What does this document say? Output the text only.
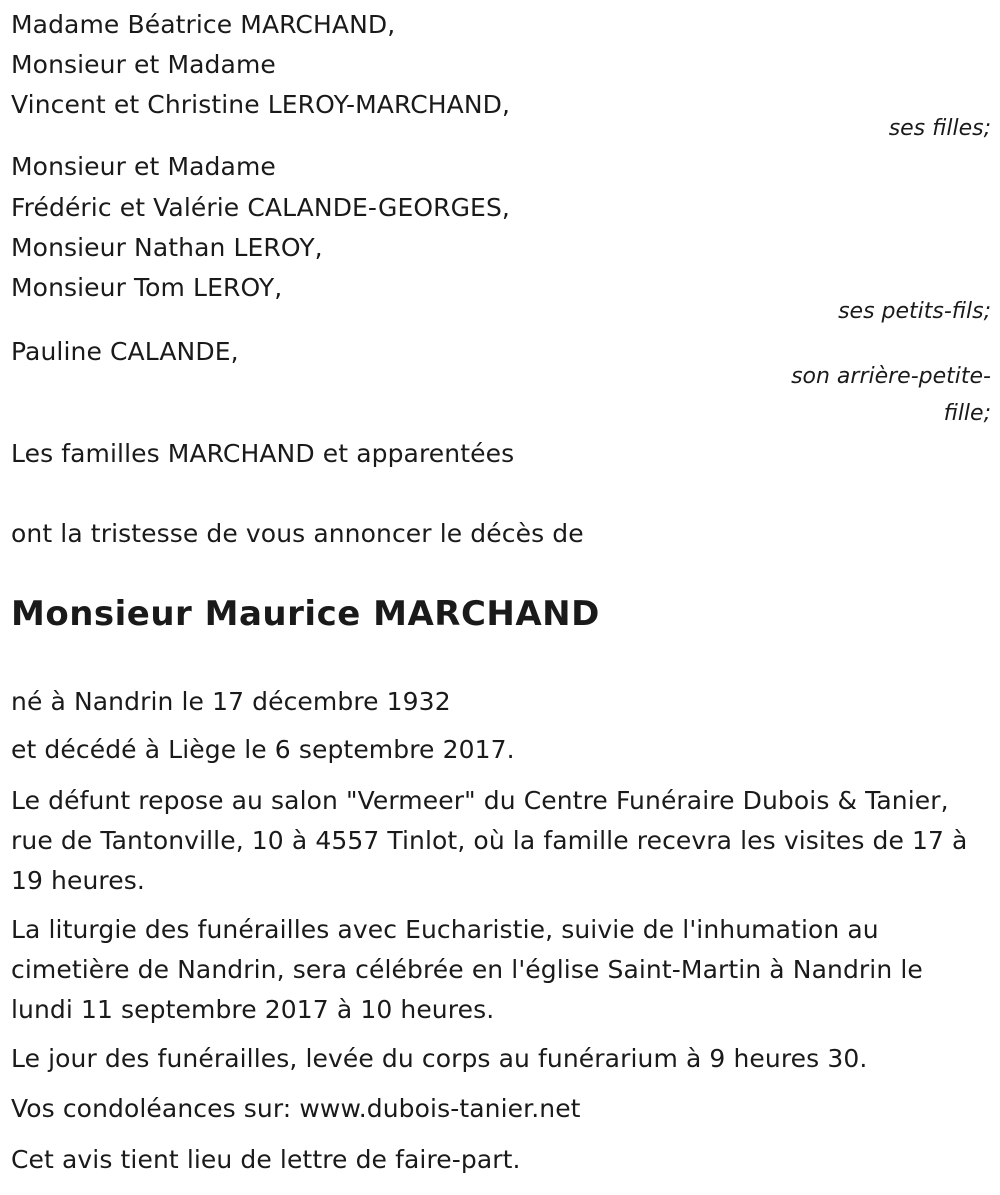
Madame Béatrice MARCHAND,
Monsieur et Madame
Vincent et Christine LEROY-MARCHAND,
ses filles;
Monsieur et Madame
Frédéric et Valérie CALANDE-GEORGES,
Monsieur Nathan LEROY,
Monsieur Tom LEROY,
ses petits-fils;
Pauline CALANDE,
son arrière-petite-
fille;
Les familles MARCHAND et apparentées
ont la tristesse de vous annoncer le décès de
Monsieur Maurice MARCHAND
né à Nandrin le 17 décembre 1932
et décédé à Liège le 6 septembre 2017.
Le défunt repose au salon "Vermeer" du Centre Funéraire Dubois & Tanier, rue de Tantonville, 10 à 4557 Tinlot, où la famille recevra les visites de 17 à 19 heures.
La liturgie des funérailles avec Eucharistie, suivie de l'inhumation au cimetière de Nandrin, sera célébrée en l'église Saint-Martin à Nandrin le lundi 11 septembre 2017 à 10 heures.
Le jour des funérailles, levée du corps au funérarium à 9 heures 30.
Vos condoléances sur: www.dubois-tanier.net
Cet avis tient lieu de lettre de faire-part.
